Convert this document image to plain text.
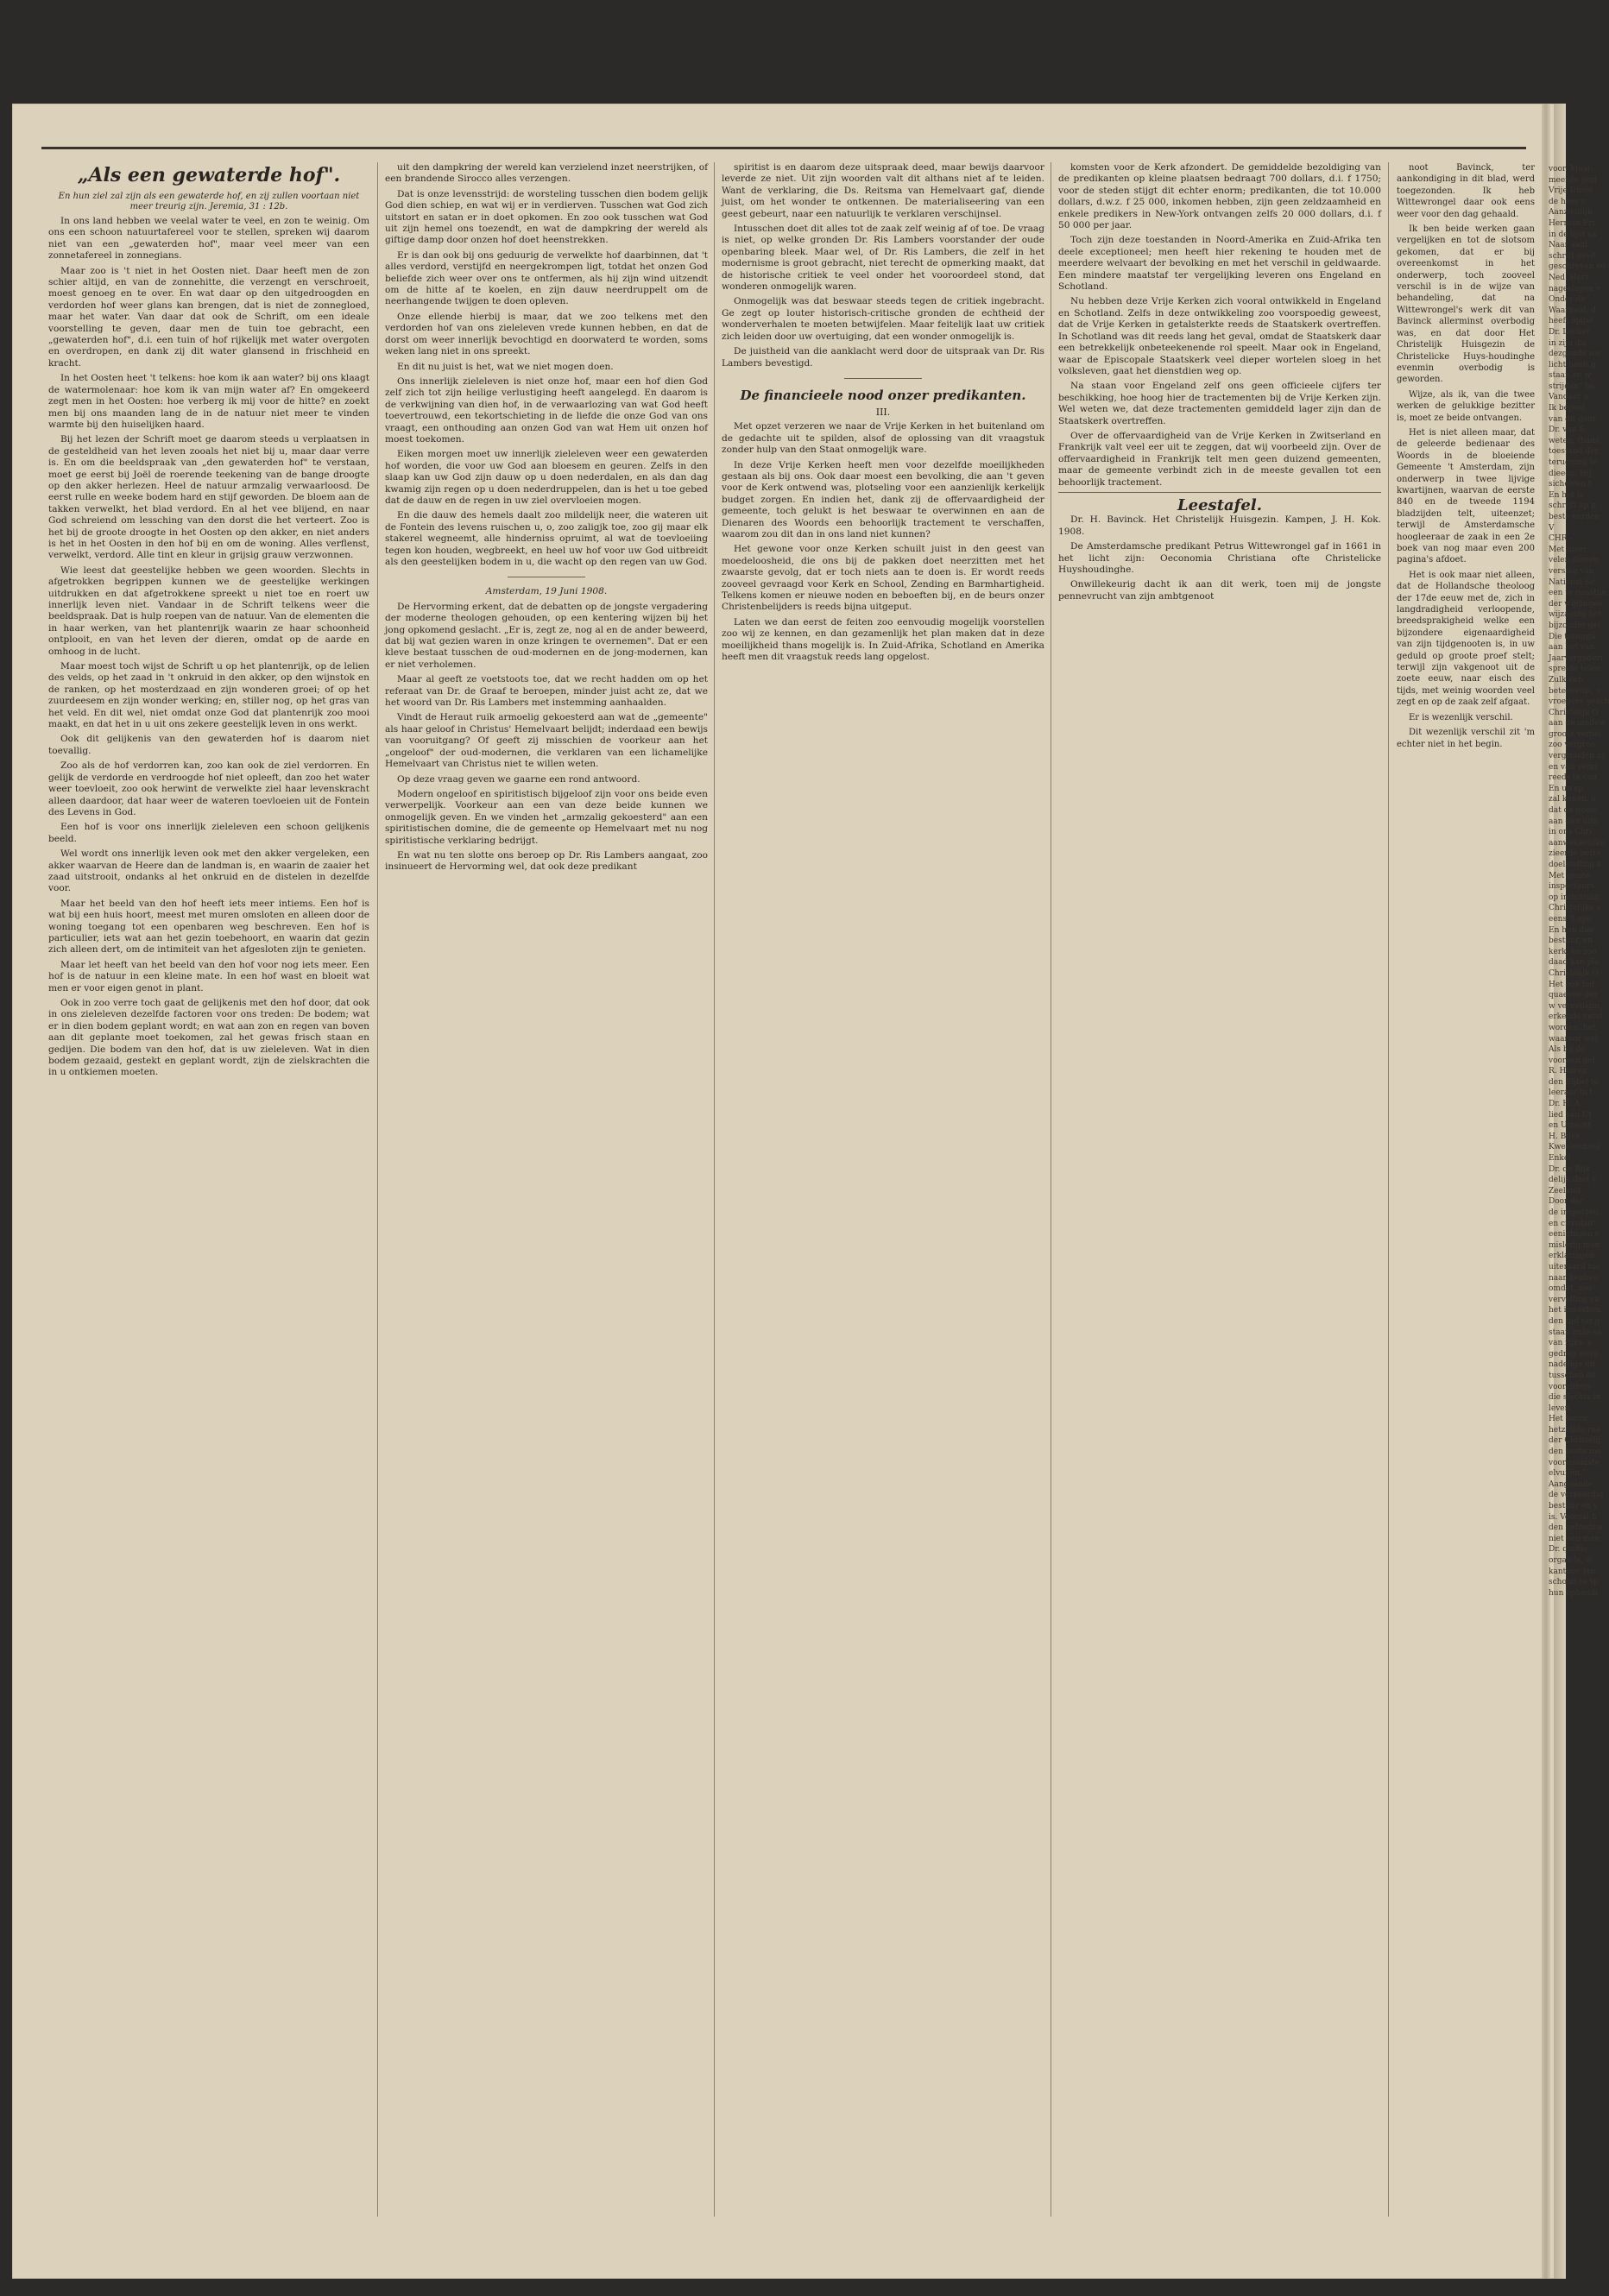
„Als een gewaterde hof".

En hun ziel zal zijn als een gewaterde hof, en zij zullen voortaan niet meer treurig zijn. Jeremia, 31 : 12b.

In ons land hebben we veelal water te veel, en zon te weinig. Om ons een schoon natuurtafereel voor te stellen, spreken wij daarom niet van een „gewaterden hof", maar veel meer van een zonnetafereel in zonnegians.

Maar zoo is 't niet in het Oosten niet. Daar heeft men de zon schier altijd, en van de zonnehitte, die verzengt en verschroeit, moest genoeg en te over. En wat daar op den uitgedroogden en verdorden hof weer glans kan brengen, dat is niet de zonnegloed, maar het water. Van daar dat ook de Schrift, om een ideale voorstelling te geven, daar men de tuin toe gebracht, een „gewaterden hof", d.i. een tuin of hof rijkelijk met water overgoten en overdropen, en dank zij dit water glansend in frischheid en kracht.

In het Oosten heet 't telkens: hoe kom ik aan water? bij ons klaagt de watermolenaar: hoe kom ik van mijn water af? En omgekeerd zegt men in het Oosten: hoe verberg ik mij voor de hitte? en zoekt men bij ons maanden lang de in de natuur niet meer te vinden warmte bij den huiselijken haard.

Bij het lezen der Schrift moet ge daarom steeds u verplaatsen in de gesteldheid van het leven zooals het niet bij u, maar daar verre is. En om die beeldspraak van „den gewaterden hof" te verstaan, moet ge eerst bij Joël de roerende teekening van de bange droogte op den akker herlezen. Heel de natuur armzalig verwaarloosd. De eerst rulle en weeke bodem hard en stijf geworden. De bloem aan de takken verwelkt, het blad verdord. En al het vee blijend, en naar God schreiend om lessching van den dorst die het verteert. Zoo is het bij de groote droogte in het Oosten op den akker, en niet anders is het in het Oosten in den hof bij en om de woning. Alles verflenst, verwelkt, verdord. Alle tint en kleur in grijsig grauw verzwonnen.

Wie leest dat geestelijke hebben we geen woorden. Slechts in afgetrokken begrippen kunnen we de geestelijke werkingen uitdrukken en dat afgetrokkene spreekt u niet toe en roert uw innerlijk leven niet. Vandaar in de Schrift telkens weer die beeldspraak. Dat is hulp roepen van de natuur. Van de elementen die in haar werken, van het plantenrijk waarin ze haar schoonheid ontplooit, en van het leven der dieren, omdat op de aarde en omhoog in de lucht.

Maar moest toch wijst de Schrift u op het plantenrijk, op de lelien des velds, op het zaad in 't onkruid in den akker, op den wijnstok en de ranken, op het mosterdzaad en zijn wonderen groei; of op het zuurdeesem en zijn wonder werking; en, stiller nog, op het gras van het veld. En dit wel, niet omdat onze God dat plantenrijk zoo mooi maakt, en dat het in u uit ons zekere geestelijk leven in ons werkt.

Ook dit gelijkenis van den gewaterden hof is daarom niet toevallig.

Zoo als de hof verdorren kan, zoo kan ook de ziel verdorren. En gelijk de verdorde en verdroogde hof niet opleeft, dan zoo het water weer toevloeit, zoo ook herwint de verwelkte ziel haar levenskracht alleen daardoor, dat haar weer de wateren toevloeien uit de Fontein des Levens in God.

Een hof is voor ons innerlijk zieleleven een schoon gelijkenis beeld.

Wel wordt ons innerlijk leven ook met den akker vergeleken, een akker waarvan de Heere dan de landman is, en waarin de zaaier het zaad uitstrooit, ondanks al het onkruid en de distelen in dezelfde voor.

Maar het beeld van den hof heeft iets meer intiems. Een hof is wat bij een huis hoort, meest met muren omsloten en alleen door de woning toegang tot een openbaren weg beschreven. Een hof is particulier, iets wat aan het gezin toebehoort, en waarin dat gezin zich alleen dert, om de intimiteit van het afgesloten zijn te genieten.

Maar let heeft van het beeld van den hof voor nog iets meer. Een hof is de natuur in een kleine mate. In een hof wast en bloeit wat men er voor eigen genot in plant.

Ook in zoo verre toch gaat de gelijkenis met den hof door, dat ook in ons zieleleven dezelfde factoren voor ons treden: De bodem; wat er in dien bodem geplant wordt; en wat aan zon en regen van boven aan dit geplante moet toekomen, zal het gewas frisch staan en gedijen. Die bodem van den hof, dat is uw zieleleven. Wat in dien bodem gezaaid, gestekt en geplant wordt, zijn de zielskrachten die in u ontkiemen moeten.

uit den dampkring der wereld kan verzielend inzet neerstrijken, of een brandende Sirocco alles verzengen.

Dat is onze levensstrijd: de worsteling tusschen dien bodem gelijk God dien schiep, en wat wij er in verdierven. Tusschen wat God zich uitstort en satan er in doet opkomen. En zoo ook tusschen wat God uit zijn hemel ons toezendt, en wat de dampkring der wereld als giftige damp door onzen hof doet heenstrekken.

Er is dan ook bij ons geduurig de verwelkte hof daarbinnen, dat 't alles verdord, verstijfd en neergekrompen ligt, totdat het onzen God beliefde zich weer over ons te ontfermen, als hij zijn wind uitzendt om de hitte af te koelen, en zijn dauw neerdruppelt om de neerhangende twijgen te doen opleven.

Onze ellende hierbij is maar, dat we zoo telkens met den verdorden hof van ons zieleleven vrede kunnen hebben, en dat de dorst om weer innerlijk bevochtigd en doorwaterd te worden, soms weken lang niet in ons spreekt.

En dit nu juist is het, wat we niet mogen doen.

Ons innerlijk zieleleven is niet onze hof, maar een hof dien God zelf zich tot zijn heilige verlustiging heeft aangelegd. En daarom is de verkwijning van dien hof, in de verwaarlozing van wat God heeft toevertrouwd, een tekortschieting in de liefde die onze God van ons vraagt, een onthouding aan onzen God van wat Hem uit onzen hof moest toekomen.

Eiken morgen moet uw innerlijk zieleleven weer een gewaterden hof worden, die voor uw God aan bloesem en geuren. Zelfs in den slaap kan uw God zijn dauw op u doen nederdalen, en als dan dag kwamig zijn regen op u doen nederdruppelen, dan is het u toe gebed dat de dauw en de regen in uw ziel overvloeien mogen.

En die dauw des hemels daalt zoo mildelijk neer, die wateren uit de Fontein des levens ruischen u, o, zoo zaligjk toe, zoo gij maar elk stakerel wegneemt, alle hinderniss opruimt, al wat de toevloeiing tegen kon houden, wegbreekt, en heel uw hof voor uw God uitbreidt als den geestelijken bodem in u, die wacht op den regen van uw God.

Amsterdam, 19 Juni 1908.

De Hervorming erkent, dat de debatten op de jongste vergadering der moderne theologen gehouden, op een kentering wijzen bij het jong opkomend geslacht. „Er is, zegt ze, nog al en de ander beweerd, dat bij wat gezien waren in onze kringen te overnemen". Dat er een kleve bestaat tusschen de oud-modernen en de jong-modernen, kan er niet verholemen.

Maar al geeft ze voetstoots toe, dat we recht hadden om op het referaat van Dr. de Graaf te beroepen, minder juist acht ze, dat we het woord van Dr. Ris Lambers met instemming aanhaalden.

Vindt de Heraut ruik armoelig gekoesterd aan wat de „gemeente" als haar geloof in Christus' Hemelvaart belijdt; inderdaad een bewijs van vooruitgang? Of geeft zij misschien de voorkeur aan het „ongeloof" der oud-modernen, die verklaren van een lichamelijke Hemelvaart van Christus niet te willen weten.

Op deze vraag geven we gaarne een rond antwoord.

Modern ongeloof en spiritistisch bijgeloof zijn voor ons beide even verwerpelijk. Voorkeur aan een van deze beide kunnen we onmogelijk geven. En we vinden het „armzalig gekoesterd" aan een spiritistischen domine, die de gemeente op Hemelvaart met nu nog spiritistische verklaring bedrijgt.

En wat nu ten slotte ons beroep op Dr. Ris Lambers aangaat, zoo insinueert de Hervorming wel, dat ook deze predikant

spiritist is en daarom deze uitspraak deed, maar bewijs daarvoor leverde ze niet. Uit zijn woorden valt dit althans niet af te leiden. Want de verklaring, die Ds. Reitsma van Hemelvaart gaf, diende juist, om het wonder te ontkennen. De materialiseering van een geest gebeurt, naar een natuurlijk te verklaren verschijnsel.

Intusschen doet dit alles tot de zaak zelf weinig af of toe. De vraag is niet, op welke gronden Dr. Ris Lambers voorstander der oude openbaring bleek. Maar wel, of Dr. Ris Lambers, die zelf in het modernisme is groot gebracht, niet terecht de opmerking maakt, dat de historische critiek te veel onder het vooroordeel stond, dat wonderen onmogelijk waren.

Onmogelijk was dat beswaar steeds tegen de critiek ingebracht. Ge zegt op louter historisch-critische gronden de echtheid der wonderverhalen te moeten betwijfelen. Maar feitelijk laat uw critiek zich leiden door uw overtuiging, dat een wonder onmogelijk is.

De juistheid van die aanklacht werd door de uitspraak van Dr. Ris Lambers bevestigd.

De financieele nood onzer predikanten.

III.

Met opzet verzeren we naar de Vrije Kerken in het buitenland om de gedachte uit te spilden, alsof de oplossing van dit vraagstuk zonder hulp van den Staat onmogelijk ware.

In deze Vrije Kerken heeft men voor dezelfde moeilijkheden gestaan als bij ons. Ook daar moest een bevolking, die aan 't geven voor de Kerk ontwend was, plotseling voor een aanzienlijk kerkelijk budget zorgen. En indien het, dank zij de offervaardigheid der gemeente, toch gelukt is het beswaar te overwinnen en aan de Dienaren des Woords een behoorlijk tractement te verschaffen, waarom zou dit dan in ons land niet kunnen?

Het gewone voor onze Kerken schuilt juist in den geest van moedeloosheid, die ons bij de pakken doet neerzitten met het zwaarste gevolg, dat er toch niets aan te doen is. Er wordt reeds zooveel gevraagd voor Kerk en School, Zending en Barmhartigheid. Telkens komen er nieuwe noden en beboeften bij, en de beurs onzer Christenbelijders is reeds bijna uitgeput.

Laten we dan eerst de feiten zoo eenvoudig mogelijk voorstellen zoo wij ze kennen, en dan gezamenlijk het plan maken dat in deze moeilijkheid thans mogelijk is. In Zuid-Afrika, Schotland en Amerika heeft men dit vraagstuk reeds lang opgelost.

komsten voor de Kerk afzondert. De gemiddelde bezoldiging van de predikanten op kleine plaatsen bedraagt 700 dollars, d.i. f 1750; voor de steden stijgt dit echter enorm; predikanten, die tot 10.000 dollars, d.w.z. f 25 000, inkomen hebben, zijn geen zeldzaamheid en enkele predikers in New-York ontvangen zelfs 20 000 dollars, d.i. f 50 000 per jaar.

Toch zijn deze toestanden in Noord-Amerika en Zuid-Afrika ten deele exceptioneel; men heeft hier rekening te houden met de meerdere welvaart der bevolking en met het verschil in geldwaarde. Een mindere maatstaf ter vergelijking leveren ons Engeland en Schotland.

Nu hebben deze Vrije Kerken zich vooral ontwikkeld in Engeland en Schotland. Zelfs in deze ontwikkeling zoo voorspoedig geweest, dat de Vrije Kerken in getalsterkte reeds de Staatskerk overtreffen. In Schotland was dit reeds lang het geval, omdat de Staatskerk daar een betrekkelijk onbeteekenende rol speelt. Maar ook in Engeland, waar de Episcopale Staatskerk veel dieper wortelen sloeg in het volksleven, gaat het dienstdien weg op.

Na staan voor Engeland zelf ons geen officieele cijfers ter beschikking, hoe hoog hier de tractementen bij de Vrije Kerken zijn. Wel weten we, dat deze tractementen gemiddeld lager zijn dan de Staatskerk overtreffen.

Over de offervaardigheid van de Vrije Kerken in Zwitserland en Frankrijk valt veel eer uit te zeggen, dat wij voorbeeld zijn. Over de offervaardigheid in Frankrijk telt men geen duizend gemeenten, maar de gemeente verbindt zich in de meeste gevallen tot een behoorlijk tractement.

Leestafel.

Dr. H. Bavinck. Het Christelijk Huisgezin. Kampen, J. H. Kok. 1908.

De Amsterdamsche predikant Petrus Wittewrongel gaf in 1661 in het licht zijn: Oeconomia Christiana ofte Christelicke Huyshoudinghe.

Onwillekeurig dacht ik aan dit werk, toen mij de jongste pennevrucht van zijn ambtgenoot

noot Bavinck, ter aankondiging in dit blad, werd toegezonden. Ik heb Wittewrongel daar ook eens weer voor den dag gehaald.

Ik ben beide werken gaan vergelijken en tot de slotsom gekomen, dat er bij overeenkomst in het onderwerp, toch zooveel verschil is in de wijze van behandeling, dat na Wittewrongel's werk dit van Bavinck allerminst overbodig was, en dat door Het Christelijk Huisgezin de Christelicke Huys-houdinghe evenmin overbodig is geworden.

Wijze, als ik, van die twee werken de gelukkige bezitter is, moet ze beide ontvangen.

Het is niet alleen maar, dat de geleerde bedienaar des Woords in de bloeiende Gemeente 't Amsterdam, zijn onderwerp in twee lijvige kwartijnen, waarvan de eerste 840 en de tweede 1194 bladzijden telt, uiteenzet; terwijl de Amsterdamsche hoogleeraar de zaak in een 2e boek van nog maar even 200 pagina's afdoet.

Het is ook maar niet alleen, dat de Hollandsche theoloog der 17de eeuw met de, zich in langdradigheid verloopende, breedsprakigheid welke een bijzondere eigenaardigheid van zijn tijdgenooten is, in uw geduld op groote proef stelt; terwijl zijn vakgenoot uit de zoete eeuw, naar eisch des tijds, met weinig woorden veel zegt en op de zaak zelf afgaat.

Er is wezenlijk verschil.

Dit wezenlijk verschil zit 'm echter niet in het begin.

voor. Maat-
meerde gezi
Vrije Unive
de heer v.
Aanzienlijk
Herman Fri
in de lijst va
Naar aanl
schrift geeft
geschreven vo
Ned. Herv.
nageslagen v
Onder de
Waarheid, d
heeft opget
Dr. Locher
in zijn dis
dezgende we
licht heeft g
staan en w
strijden" be
Vandaar a
Ik bepaal
van dit genr
Dr. van S
weten, thans
toestand der
terugging te
dieeen. Hij
sichelven t
En het is
schrijft op p
beste verdee
V
CHR.-
Met meer
velen dienen
verslag van
National Sc
een te naastlie
der wijdingee
wijzaging het
bijzonder gel
Die terugga
aan het van
Jaarvergaderi
spreide teleu
Zulk een
beteekenis, v
vroegere gesch
Christelijk O
aan de medew
groote verbel
zoo vergroo
vergrouden zij
en van verni
reeds te con
En un sp
zal kouen, o
dat de goeie
aan den uitn
in ons Chri
aanwekkelijke
zieerde betre
doelstelling k
Met genoe
inspecteurs
op inrichting
Christelijke s
eens 't ope
En hun doe
bestuur, en
kerk, en zoo
daad kan pla
Christelijk O
Het ook hal
quaestie der
w vereenigin
erkende verei
worden, het
waaroor wel
Als bij de
vooreen gel
R. Huiren
den Bijbel te
leeraar in t
Dr. H. A
lied van Ut
en Utrecht
H. Bijve
Kweekschool
Enkel
Dr. de Rijk
delijk deel v
Zeeland.
Door der
de inspecteu
en circulair
eenigingen v
mislerig men
erklaringen
uiteraard nie
naar hebben
omdat, zoo
vervelling va
het inwerken
den tijd ter g
staan onze se
van rijks- z
gedrag werk
nadelige uit
tusschen de
voorzitters
die slechts in
leven.
Het toezic
hetzelfde raa
der Christelij
den beste me
voornaamste
elvuijen."
Aangaande
de verkeerdig
bestuur en v
is. Voorzal b
den gebiedsw
niet een mee
Dr. quotie
organ is, w
kantoor, ten
schoolt te sp
hun ophoudi
